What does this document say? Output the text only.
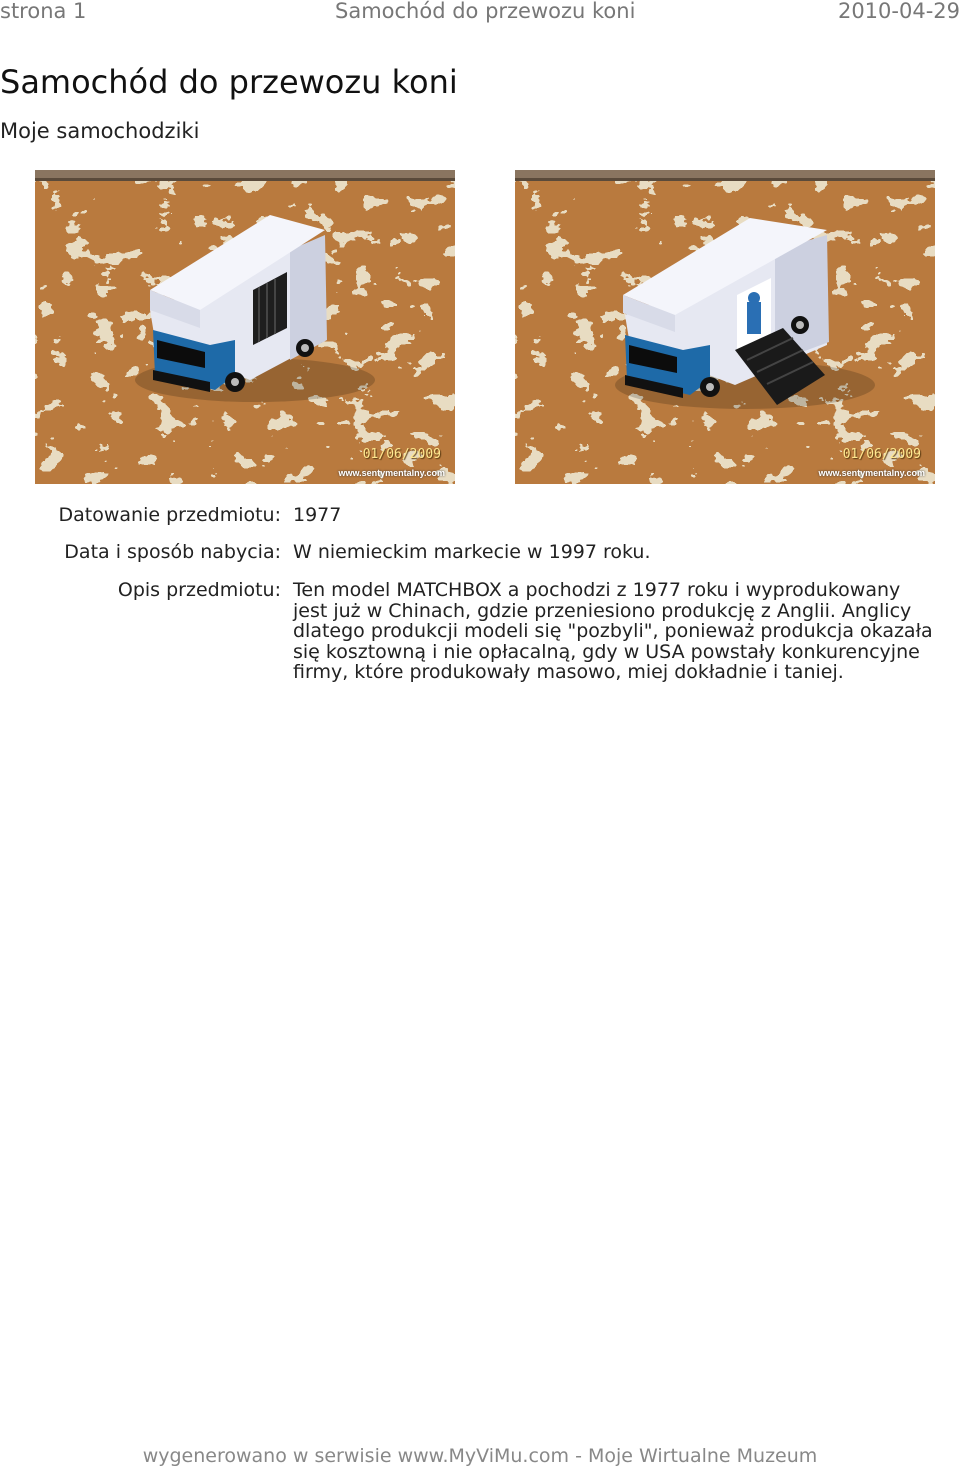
strona 1	Samochód do przewozu koni	2010-04-29
Samochód do przewozu koni
Moje samochodziki
01/06/2009
www.sentymentalny.com
01/06/2009
www.sentymentalny.com
Datowanie przedmiotu: 1977
Data i sposób nabycia: W niemieckim markecie w 1997 roku.
Opis przedmiotu: Ten model MATCHBOX a pochodzi z 1977 roku i wyprodukowany jest już w Chinach, gdzie przeniesiono produkcję z Anglii. Anglicy dlatego produkcji modeli się "pozbyli", ponieważ produkcja okazała się kosztowną i nie opłacalną, gdy w USA powstały konkurencyjne firmy, które produkowały masowo, miej dokładnie i taniej.
wygenerowano w serwisie www.MyViMu.com - Moje Wirtualne Muzeum
